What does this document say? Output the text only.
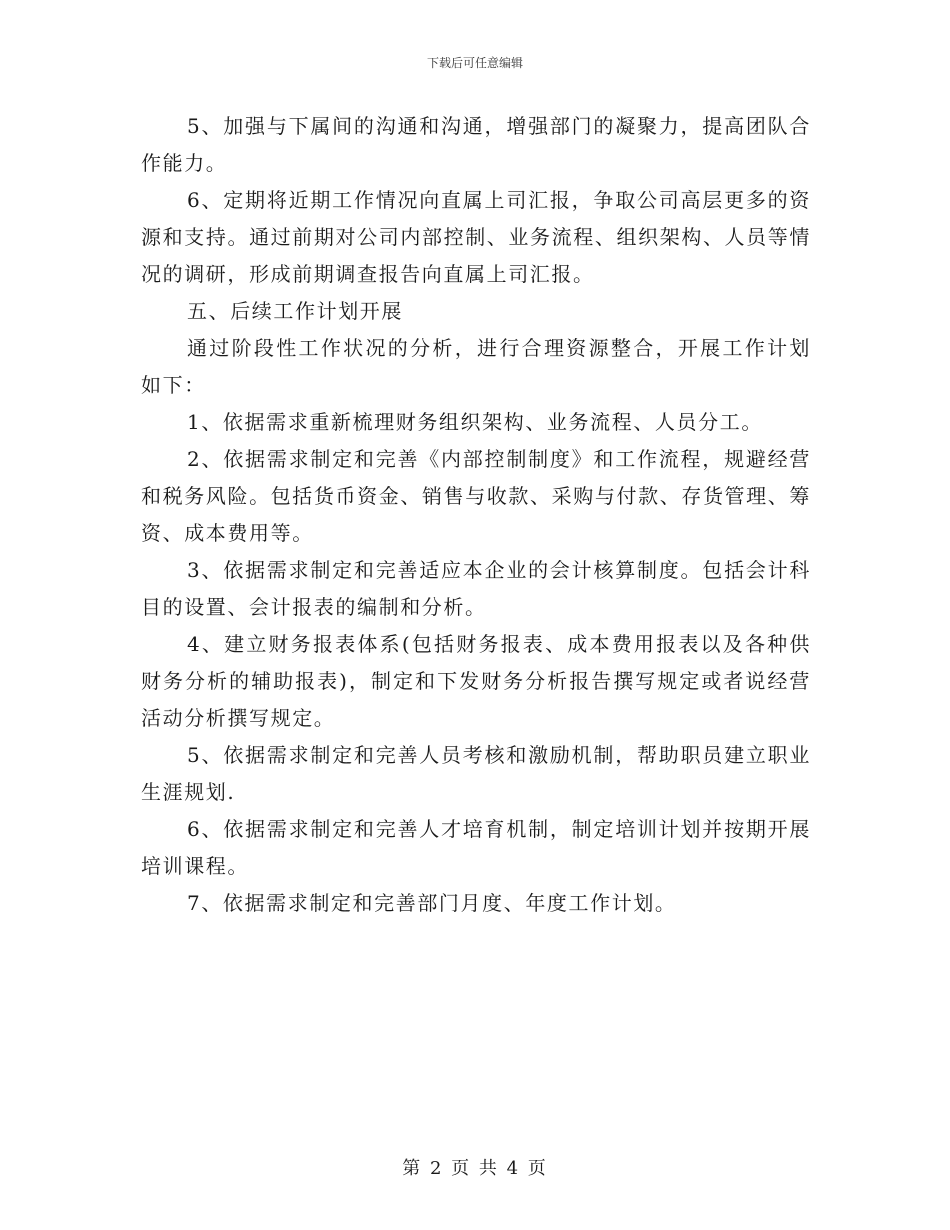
下载后可任意编辑

5、加强与下属间的沟通和沟通，增强部门的凝聚力，提高团队合作能力。

6、定期将近期工作情况向直属上司汇报，争取公司高层更多的资源和支持。通过前期对公司内部控制、业务流程、组织架构、人员等情况的调研，形成前期调查报告向直属上司汇报。

五、后续工作计划开展

通过阶段性工作状况的分析，进行合理资源整合，开展工作计划如下：

1、依据需求重新梳理财务组织架构、业务流程、人员分工。

2、依据需求制定和完善《内部控制制度》和工作流程，规避经营和税务风险。包括货币资金、销售与收款、采购与付款、存货管理、筹资、成本费用等。

3、依据需求制定和完善适应本企业的会计核算制度。包括会计科目的设置、会计报表的编制和分析。

4、建立财务报表体系(包括财务报表、成本费用报表以及各种供财务分析的辅助报表)，制定和下发财务分析报告撰写规定或者说经营活动分析撰写规定。

5、依据需求制定和完善人员考核和激励机制，帮助职员建立职业生涯规划.

6、依据需求制定和完善人才培育机制，制定培训计划并按期开展培训课程。

7、依据需求制定和完善部门月度、年度工作计划。

第 2 页 共 4 页
